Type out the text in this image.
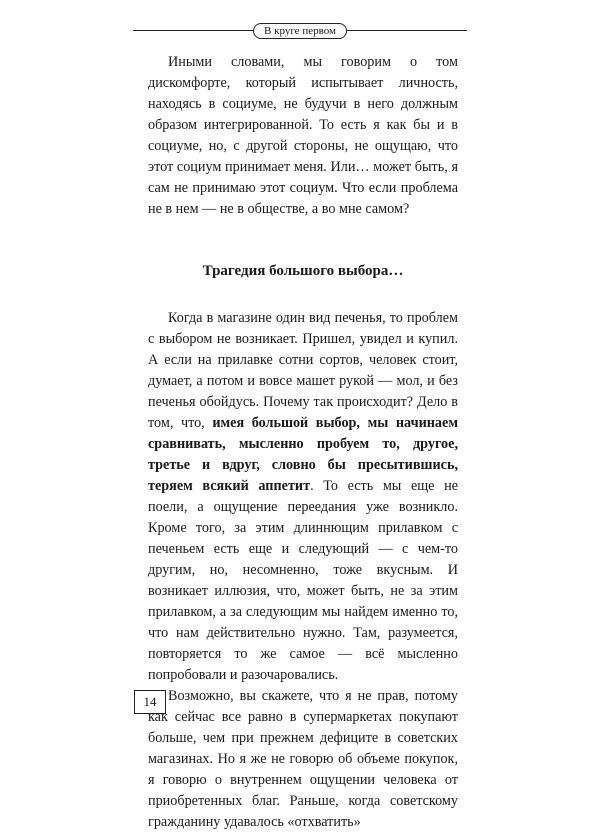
В круге первом

Иными словами, мы говорим о том дискомфорте, который испытывает личность, находясь в социуме, не будучи в него должным образом интегрированной. То есть я как бы и в социуме, но, с другой стороны, не ощущаю, что этот социум принимает меня. Или… может быть, я сам не принимаю этот социум. Что если проблема не в нем — не в обществе, а во мне самом?

Трагедия большого выбора…

Когда в магазине один вид печенья, то проблем с выбором не возникает. Пришел, увидел и купил. А если на прилавке сотни сортов, человек стоит, думает, а потом и вовсе машет рукой — мол, и без печенья обойдусь. Почему так происходит? Дело в том, что, имея большой выбор, мы начинаем сравнивать, мысленно пробуем то, другое, третье и вдруг, словно бы пресытившись, теряем всякий аппетит. То есть мы еще не поели, а ощущение переедания уже возникло. Кроме того, за этим длиннющим прилавком с печеньем есть еще и следующий — с чем-то другим, но, несомненно, тоже вкусным. И возникает иллюзия, что, может быть, не за этим прилавком, а за следующим мы найдем именно то, что нам действительно нужно. Там, разумеется, повторяется то же самое — всё мысленно попробовали и разочаровались.

Возможно, вы скажете, что я не прав, потому как сейчас все равно в супермаркетах покупают больше, чем при прежнем дефиците в советских магазинах. Но я же не говорю об объеме покупок, я говорю о внутреннем ощущении человека от приобретенных благ. Раньше, когда советскому гражданину удавалось «отхватить»

14
